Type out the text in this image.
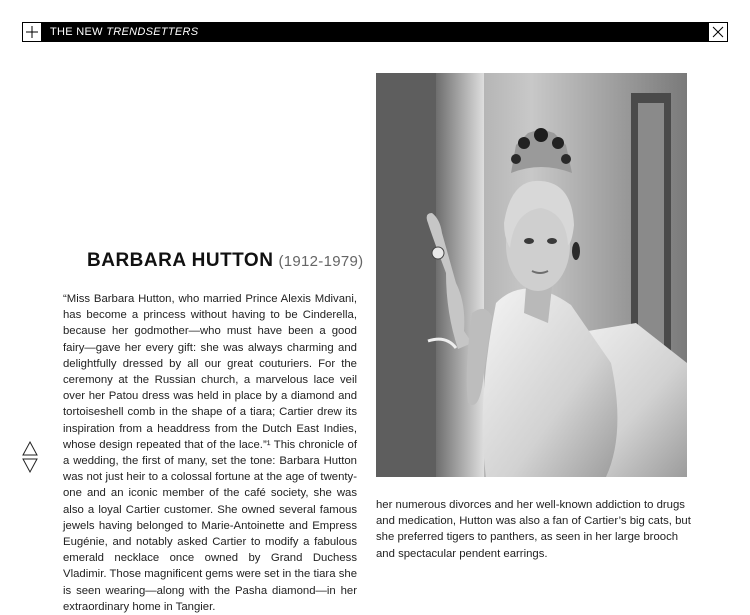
THE NEW TRENDSETTERS
BARBARA HUTTON (1912-1979)

“Miss Barbara Hutton, who married Prince Alexis Mdivani, has become a princess without having to be Cinderella, because her godmother—who must have been a good fairy—gave her every gift: she was always charming and delightfully dressed by all our great couturiers. For the ceremony at the Russian church, a marvelous lace veil over her Patou dress was held in place by a diamond and tortoiseshell comb in the shape of a tiara; Cartier drew its inspiration from a headdress from the Dutch East Indies, whose design repeated that of the lace.”¹ This chronicle of a wedding, the first of many, set the tone: Barbara Hutton was not just heir to a colossal fortune at the age of twenty-one and an iconic member of the café society, she was also a loyal Cartier customer. She owned several famous jewels having belonged to Marie-Antoinette and Empress Eugénie, and notably asked Cartier to modify a fabulous emerald necklace once owned by Grand Duchess Vladimir. Those magnificent gems were set in the tiara she is seen wearing—along with the Pasha diamond—in her extraordinary home in Tangier.

her numerous divorces and her well-known addiction to drugs and medication, Hutton was also a fan of Cartier’s big cats, but she preferred tigers to panthers, as seen in her large brooch and spectacular pendent earrings.
